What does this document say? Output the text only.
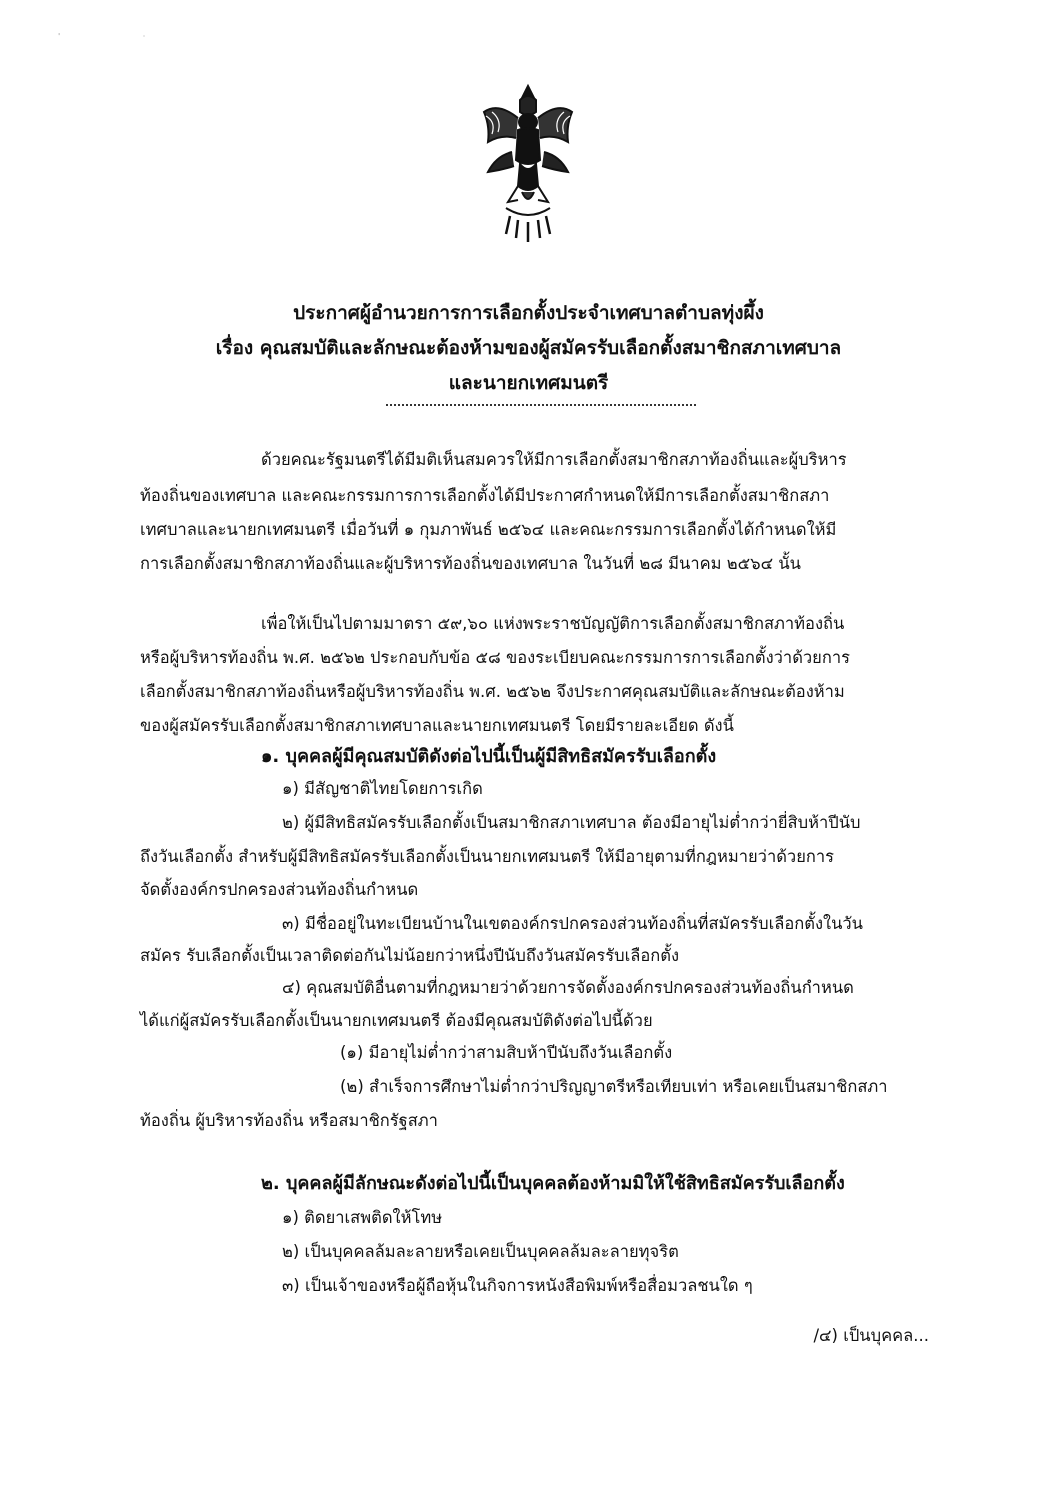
' ·
ประกาศผู้อำนวยการการเลือกตั้งประจำเทศบาลตำบลทุ่งผึ้ง
เรื่อง คุณสมบัติและลักษณะต้องห้ามของผู้สมัครรับเลือกตั้งสมาชิกสภาเทศบาล
และนายกเทศมนตรี
ด้วยคณะรัฐมนตรีได้มีมติเห็นสมควรให้มีการเลือกตั้งสมาชิกสภาท้องถิ่นและผู้บริหาร
ท้องถิ่นของเทศบาล และคณะกรรมการการเลือกตั้งได้มีประกาศกำหนดให้มีการเลือกตั้งสมาชิกสภา
เทศบาลและนายกเทศมนตรี เมื่อวันที่ ๑ กุมภาพันธ์ ๒๕๖๔ และคณะกรรมการเลือกตั้งได้กำหนดให้มี
การเลือกตั้งสมาชิกสภาท้องถิ่นและผู้บริหารท้องถิ่นของเทศบาล ในวันที่ ๒๘ มีนาคม ๒๕๖๔ นั้น
เพื่อให้เป็นไปตามมาตรา ๕๙,๖๐ แห่งพระราชบัญญัติการเลือกตั้งสมาชิกสภาท้องถิ่น
หรือผู้บริหารท้องถิ่น พ.ศ. ๒๕๖๒ ประกอบกับข้อ ๕๘ ของระเบียบคณะกรรมการการเลือกตั้งว่าด้วยการ
เลือกตั้งสมาชิกสภาท้องถิ่นหรือผู้บริหารท้องถิ่น พ.ศ. ๒๕๖๒ จึงประกาศคุณสมบัติและลักษณะต้องห้าม
ของผู้สมัครรับเลือกตั้งสมาชิกสภาเทศบาลและนายกเทศมนตรี โดยมีรายละเอียด ดังนี้
๑. บุคคลผู้มีคุณสมบัติดังต่อไปนี้เป็นผู้มีสิทธิสมัครรับเลือกตั้ง
๑) มีสัญชาติไทยโดยการเกิด
๒) ผู้มีสิทธิสมัครรับเลือกตั้งเป็นสมาชิกสภาเทศบาล ต้องมีอายุไม่ต่ำกว่ายี่สิบห้าปีนับ
ถึงวันเลือกตั้ง สำหรับผู้มีสิทธิสมัครรับเลือกตั้งเป็นนายกเทศมนตรี ให้มีอายุตามที่กฎหมายว่าด้วยการ
จัดตั้งองค์กรปกครองส่วนท้องถิ่นกำหนด
๓) มีชื่ออยู่ในทะเบียนบ้านในเขตองค์กรปกครองส่วนท้องถิ่นที่สมัครรับเลือกตั้งในวัน
สมัคร รับเลือกตั้งเป็นเวลาติดต่อกันไม่น้อยกว่าหนึ่งปีนับถึงวันสมัครรับเลือกตั้ง
๔) คุณสมบัติอื่นตามที่กฎหมายว่าด้วยการจัดตั้งองค์กรปกครองส่วนท้องถิ่นกำหนด
ได้แก่ผู้สมัครรับเลือกตั้งเป็นนายกเทศมนตรี ต้องมีคุณสมบัติดังต่อไปนี้ด้วย
(๑) มีอายุไม่ต่ำกว่าสามสิบห้าปีนับถึงวันเลือกตั้ง
(๒) สำเร็จการศึกษาไม่ต่ำกว่าปริญญาตรีหรือเทียบเท่า หรือเคยเป็นสมาชิกสภา
ท้องถิ่น ผู้บริหารท้องถิ่น หรือสมาชิกรัฐสภา
๒. บุคคลผู้มีลักษณะดังต่อไปนี้เป็นบุคคลต้องห้ามมิให้ใช้สิทธิสมัครรับเลือกตั้ง
๑) ติดยาเสพติดให้โทษ
๒) เป็นบุคคลล้มละลายหรือเคยเป็นบุคคลล้มละลายทุจริต
๓) เป็นเจ้าของหรือผู้ถือหุ้นในกิจการหนังสือพิมพ์หรือสื่อมวลชนใด ๆ
/๔) เป็นบุคคล...
